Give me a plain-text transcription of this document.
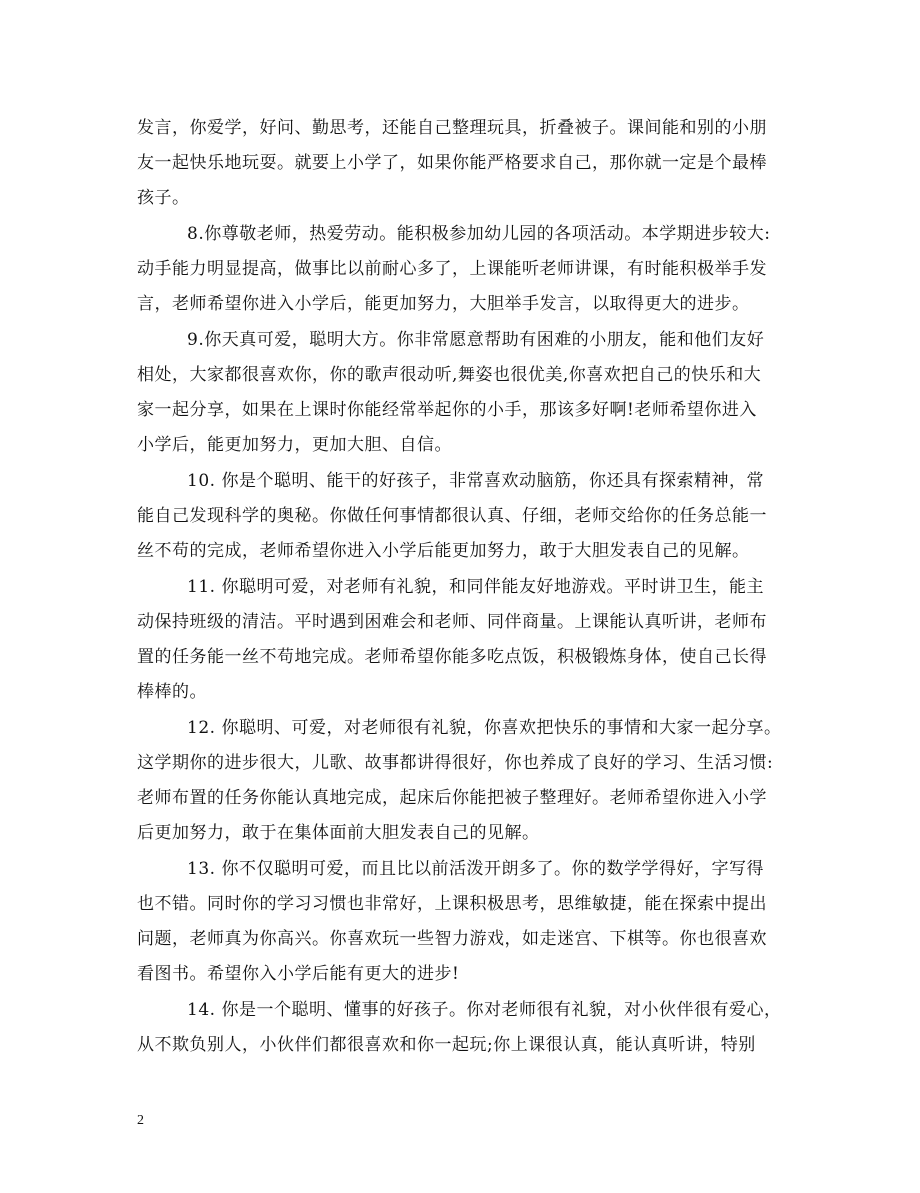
发言，你爱学，好问、勤思考，还能自己整理玩具，折叠被子。课间能和别的小朋
友一起快乐地玩耍。就要上小学了，如果你能严格要求自己，那你就一定是个最棒
孩子。
8.你尊敬老师，热爱劳动。能积极参加幼儿园的各项活动。本学期进步较大:
动手能力明显提高，做事比以前耐心多了，上课能听老师讲课，有时能积极举手发
言，老师希望你进入小学后，能更加努力，大胆举手发言，以取得更大的进步。
9.你天真可爱，聪明大方。你非常愿意帮助有困难的小朋友，能和他们友好
相处，大家都很喜欢你，你的歌声很动听,舞姿也很优美,你喜欢把自己的快乐和大
家一起分享，如果在上课时你能经常举起你的小手，那该多好啊!老师希望你进入
小学后，能更加努力，更加大胆、自信。
10. 你是个聪明、能干的好孩子，非常喜欢动脑筋，你还具有探索精神，常
能自己发现科学的奥秘。你做任何事情都很认真、仔细，老师交给你的任务总能一
丝不苟的完成，老师希望你进入小学后能更加努力，敢于大胆发表自己的见解。
11. 你聪明可爱，对老师有礼貌，和同伴能友好地游戏。平时讲卫生，能主
动保持班级的清洁。平时遇到困难会和老师、同伴商量。上课能认真听讲，老师布
置的任务能一丝不苟地完成。老师希望你能多吃点饭，积极锻炼身体，使自己长得
棒棒的。
12. 你聪明、可爱，对老师很有礼貌，你喜欢把快乐的事情和大家一起分享。
这学期你的进步很大，儿歌、故事都讲得很好，你也养成了良好的学习、生活习惯:
老师布置的任务你能认真地完成，起床后你能把被子整理好。老师希望你进入小学
后更加努力，敢于在集体面前大胆发表自己的见解。
13. 你不仅聪明可爱，而且比以前活泼开朗多了。你的数学学得好，字写得
也不错。同时你的学习习惯也非常好，上课积极思考，思维敏捷，能在探索中提出
问题，老师真为你高兴。你喜欢玩一些智力游戏，如走迷宫、下棋等。你也很喜欢
看图书。希望你入小学后能有更大的进步!
14. 你是一个聪明、懂事的好孩子。你对老师很有礼貌，对小伙伴很有爱心，
从不欺负别人，小伙伴们都很喜欢和你一起玩;你上课很认真，能认真听讲，特别
2
